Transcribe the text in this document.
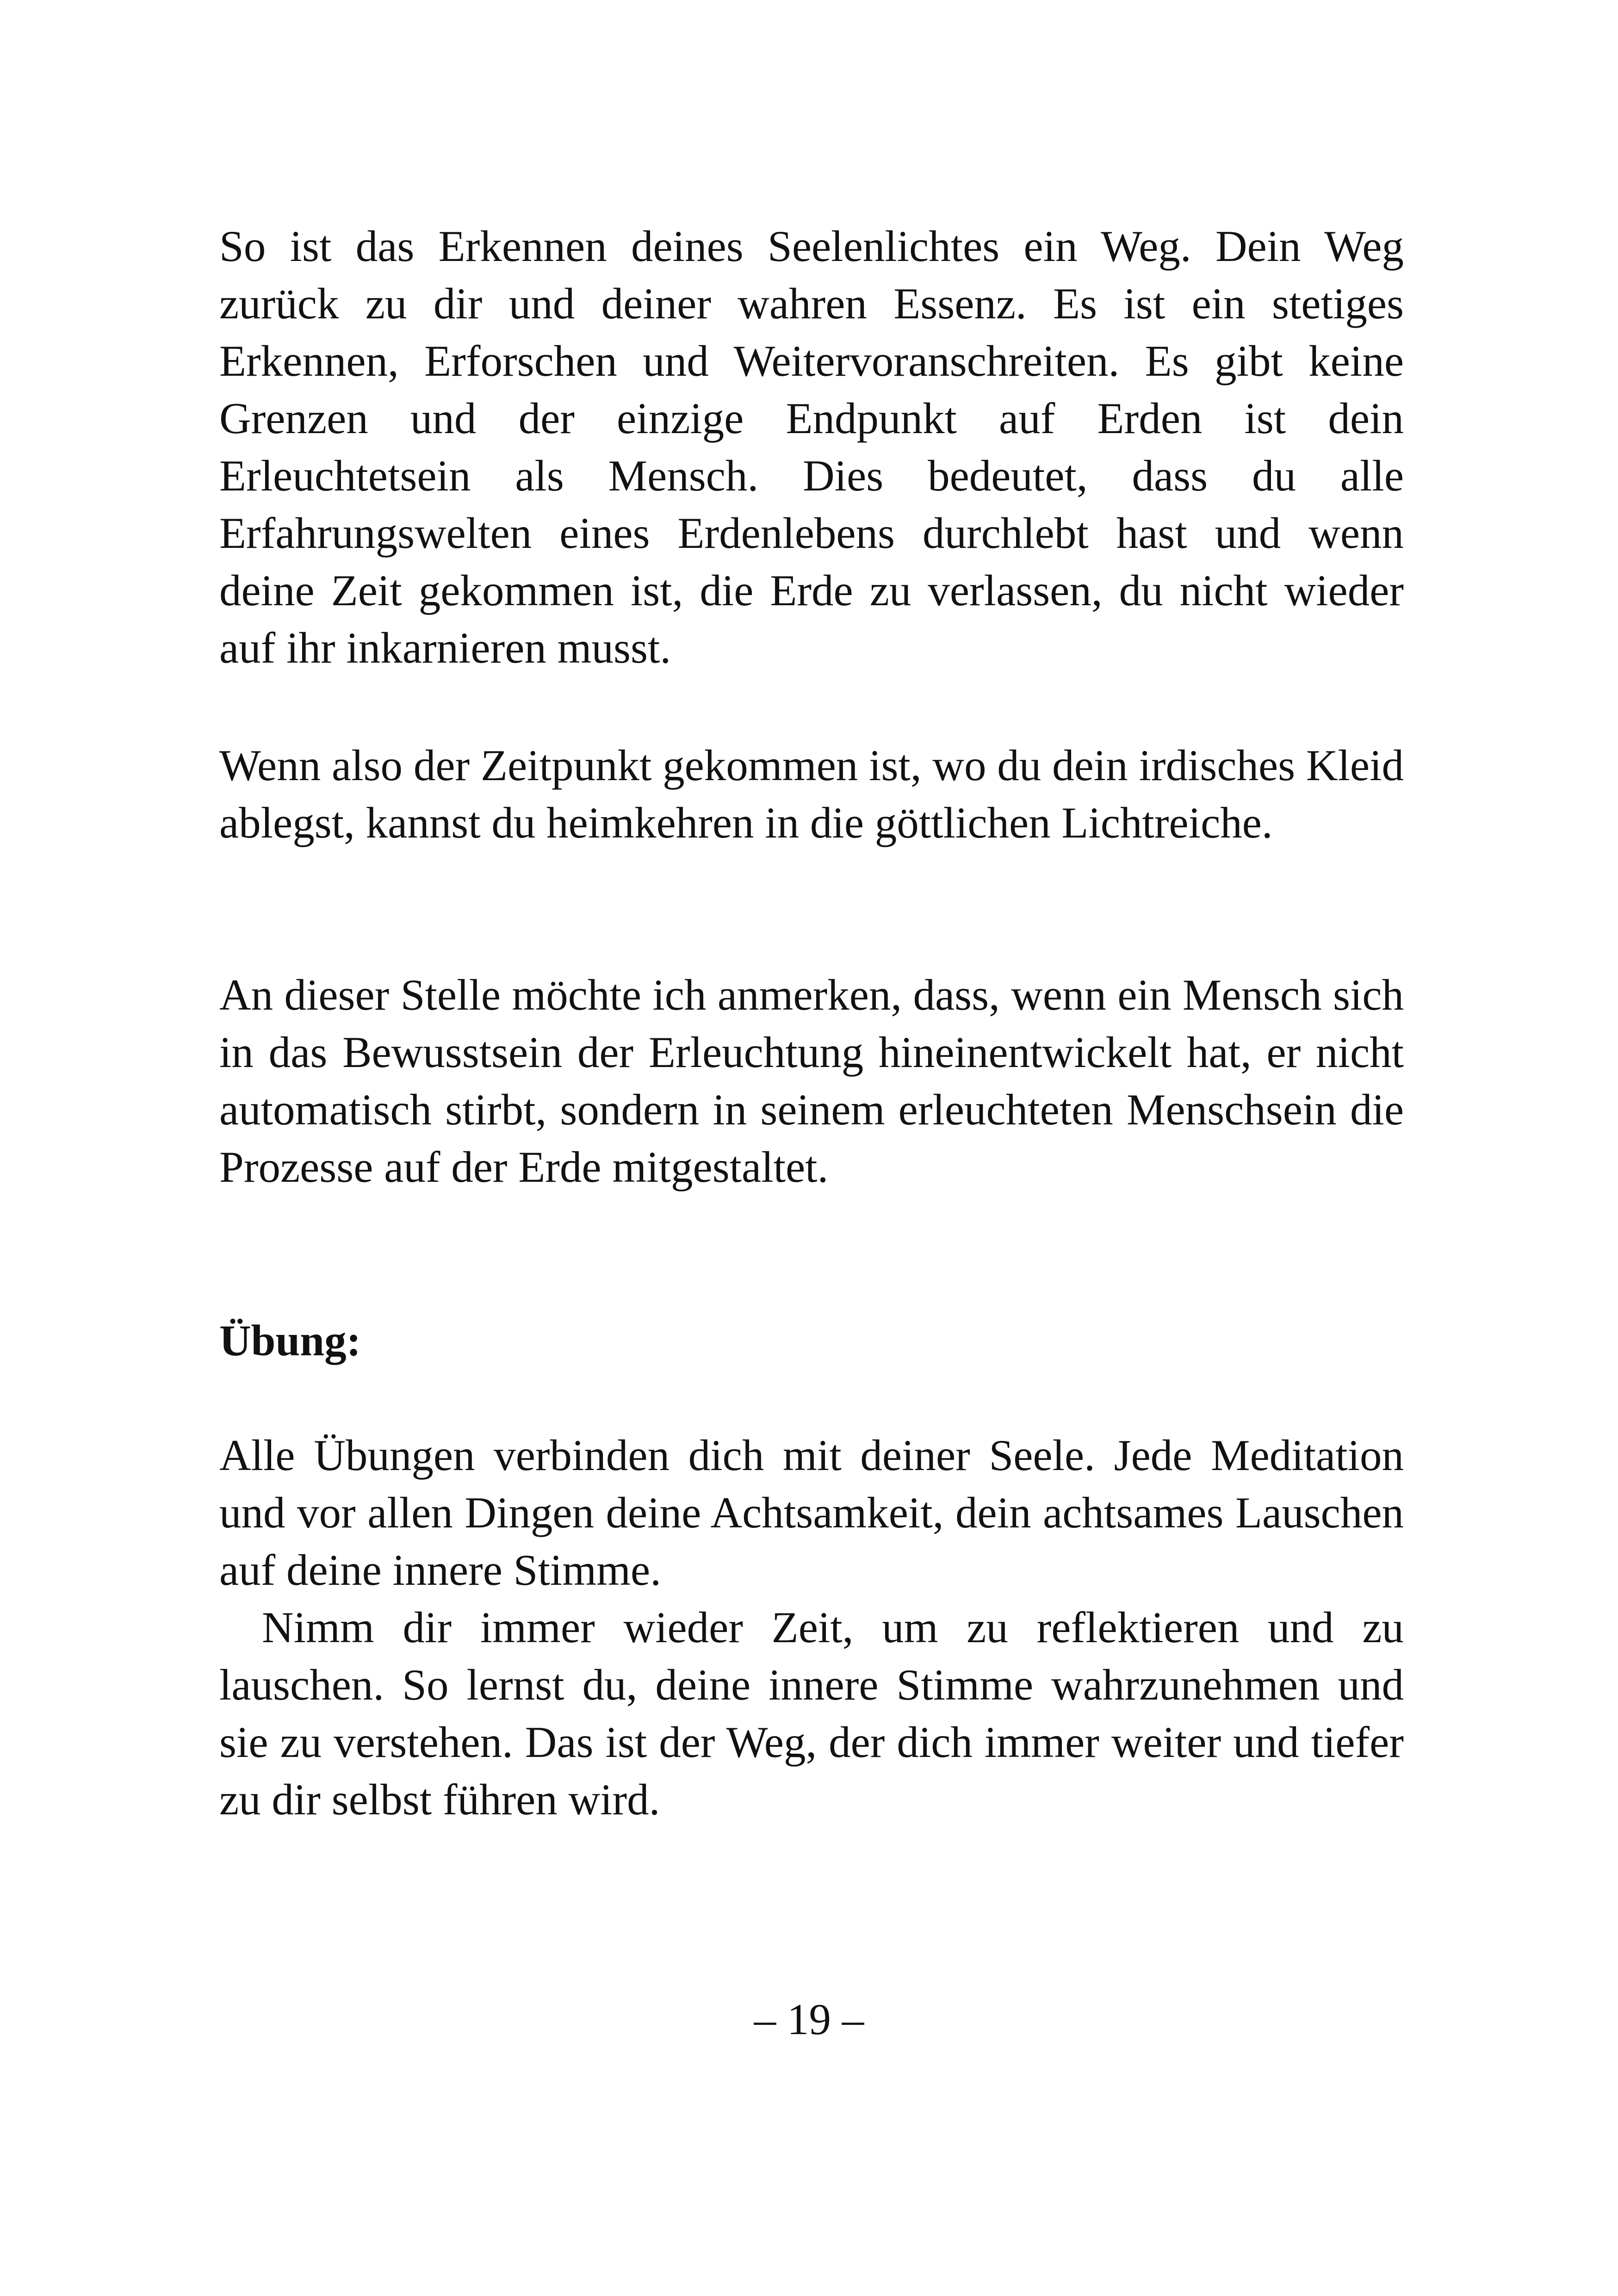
So ist das Erkennen deines Seelenlichtes ein Weg. Dein Weg zurück zu dir und deiner wahren Essenz. Es ist ein stetiges Erkennen, Erforschen und Weitervoranschreiten. Es gibt keine Grenzen und der einzige Endpunkt auf Erden ist dein Erleuchtetsein als Mensch. Dies bedeutet, dass du alle Erfahrungswelten eines Erdenlebens durchlebt hast und wenn deine Zeit gekommen ist, die Erde zu verlassen, du nicht wieder auf ihr inkarnieren musst.

Wenn also der Zeitpunkt gekommen ist, wo du dein irdisches Kleid ablegst, kannst du heimkehren in die göttlichen Lichtreiche.

An dieser Stelle möchte ich anmerken, dass, wenn ein Mensch sich in das Bewusstsein der Erleuchtung hineinentwickelt hat, er nicht automatisch stirbt, sondern in seinem erleuchteten Menschsein die Prozesse auf der Erde mitgestaltet.

Übung:

Alle Übungen verbinden dich mit deiner Seele. Jede Meditation und vor allen Dingen deine Achtsamkeit, dein achtsames Lauschen auf deine innere Stimme.

Nimm dir immer wieder Zeit, um zu reflektieren und zu lauschen. So lernst du, deine innere Stimme wahrzunehmen und sie zu verstehen. Das ist der Weg, der dich immer weiter und tiefer zu dir selbst führen wird.

– 19 –
